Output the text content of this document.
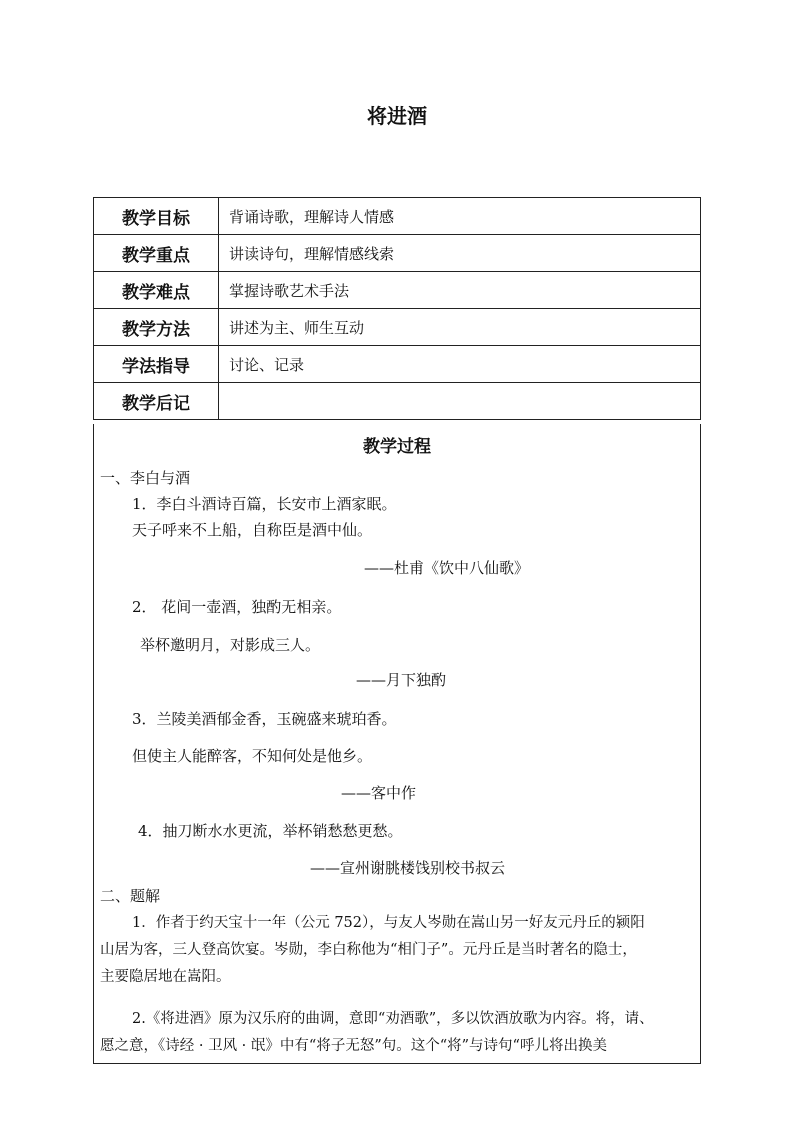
将进酒
教学目标	背诵诗歌，理解诗人情感
教学重点	讲读诗句，理解情感线索
教学难点	掌握诗歌艺术手法
教学方法	讲述为主、师生互动
学法指导	讨论、记录
教学后记	
教学过程
一、李白与酒
1．李白斗酒诗百篇，长安市上酒家眠。
天子呼来不上船，自称臣是酒中仙。
——杜甫《饮中八仙歌》
2． 花间一壶酒，独酌无相亲。
举杯邀明月，对影成三人。
——月下独酌
3．兰陵美酒郁金香，玉碗盛来琥珀香。
但使主人能醉客，不知何处是他乡。
——客中作
4．抽刀断水水更流，举杯销愁愁更愁。
——宣州谢朓楼饯别校书叔云
二、题解
1．作者于约天宝十一年（公元 752），与友人岑勋在嵩山另一好友元丹丘的颍阳
山居为客，三人登高饮宴。岑勋，李白称他为“相门子”。元丹丘是当时著名的隐士，
主要隐居地在嵩阳。
2.《将进酒》原为汉乐府的曲调，意即“劝酒歌”，多以饮酒放歌为内容。将，请、
愿之意，《诗经 · 卫风 · 氓》中有“将子无怒”句。这个“将”与诗句“呼儿将出换美
